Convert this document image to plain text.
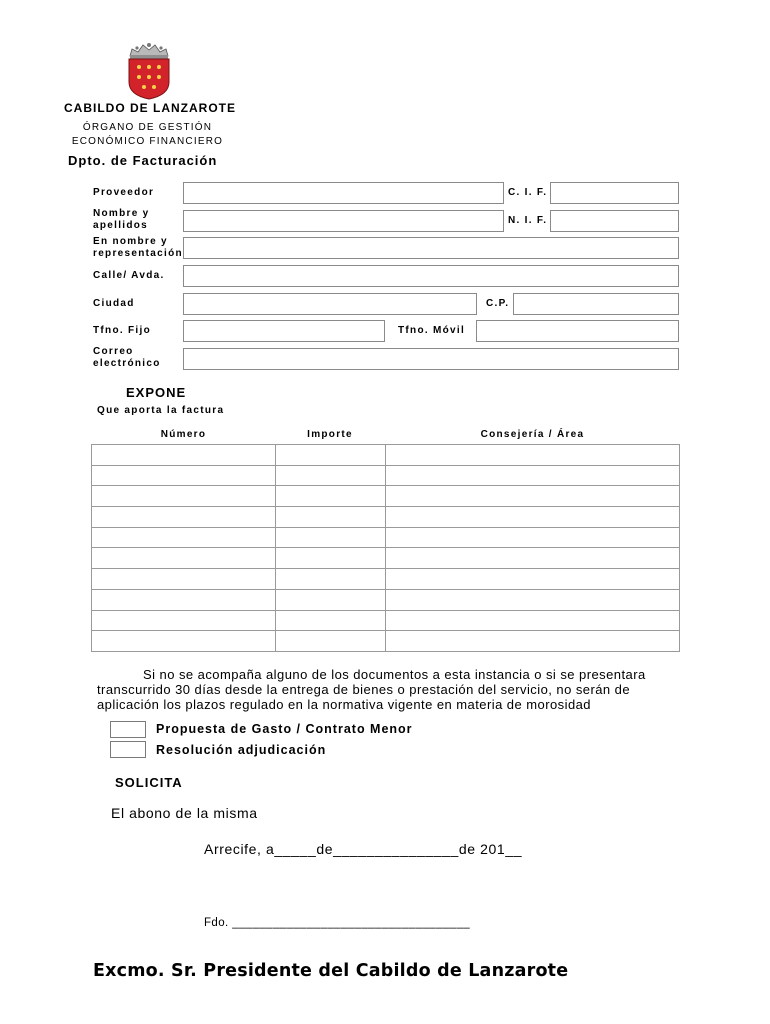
CABILDO DE LANZAROTE
ÓRGANO DE GESTIÓN
ECONÓMICO FINANCIERO
Dpto. de Facturación
Proveedor	C. I. F.
Nombre y
apellidos	N. I. F.
En nombre y
representación
Calle/ Avda.
Ciudad	C.P.
Tfno. Fijo	Tfno. Móvil
Correo
electrónico
EXPONE
Que aporta la factura
Número	Importe	Consejería / Área

Si no se acompaña alguno de los documentos a esta instancia o si se presentara
transcurrido 30 días desde la entrega de bienes o prestación del servicio, no serán de
aplicación los plazos regulado en la normativa vigente en materia de morosidad
Propuesta de Gasto / Contrato Menor
Resolución adjudicación
SOLICITA
El abono de la misma
Arrecife, a_____de_______________de 201__
Fdo. ___________________________________
Excmo. Sr. Presidente del Cabildo de Lanzarote
